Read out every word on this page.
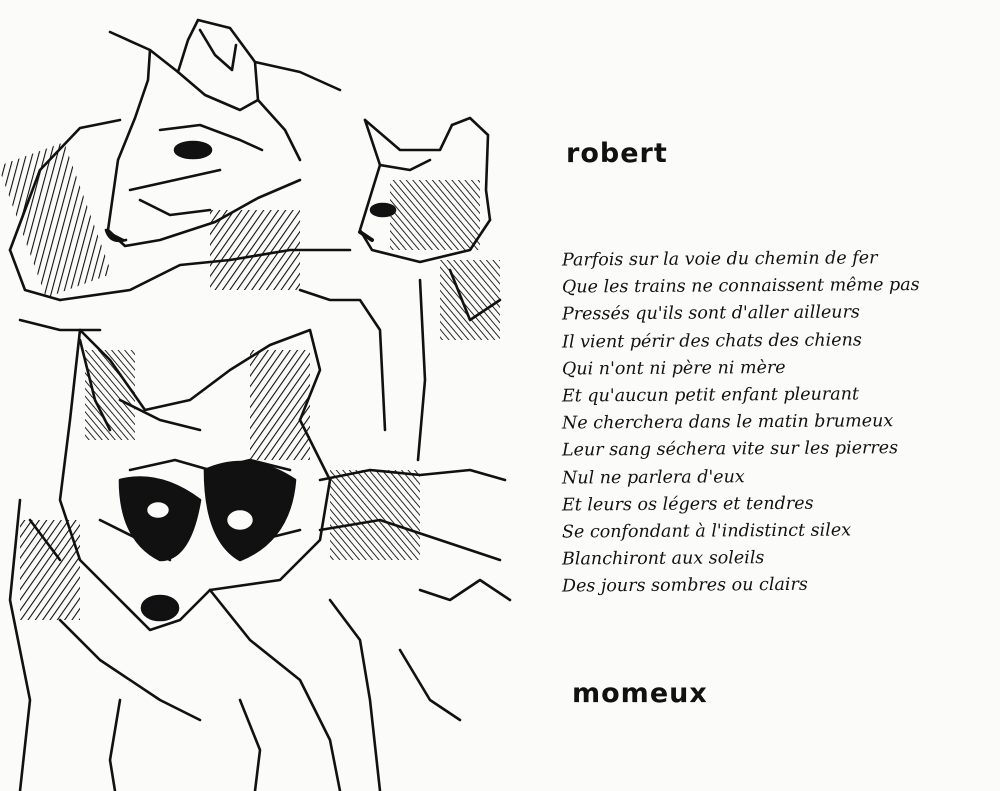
robert
Parfois sur la voie du chemin de fer
Que les trains ne connaissent même pas
Pressés qu'ils sont d'aller ailleurs
Il vient périr des chats des chiens
Qui n'ont ni père ni mère
Et qu'aucun petit enfant pleurant
Ne cherchera dans le matin brumeux
Leur sang séchera vite sur les pierres
Nul ne parlera d'eux
Et leurs os légers et tendres
Se confondant à l'indistinct silex
Blanchiront aux soleils
Des jours sombres ou clairs
momeux
